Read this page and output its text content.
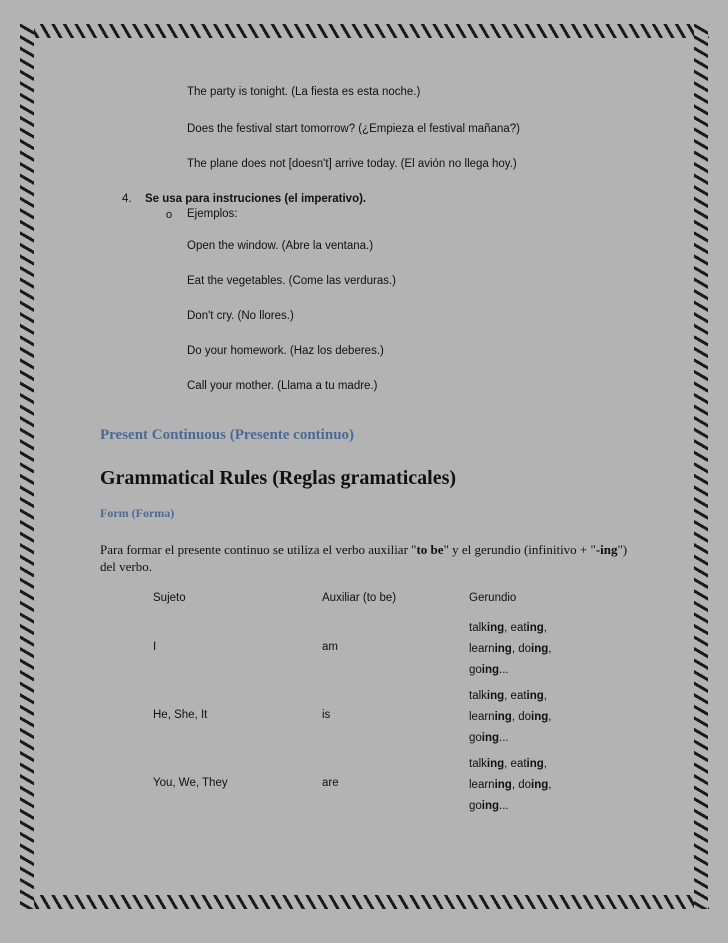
The party is tonight. (La fiesta es esta noche.)
Does the festival start tomorrow? (¿Empieza el festival mañana?)
The plane does not [doesn't] arrive today. (El avión no llega hoy.)
4. Se usa para instruciones (el imperativo).
o Ejemplos:
Open the window. (Abre la ventana.)
Eat the vegetables. (Come las verduras.)
Don't cry. (No llores.)
Do your homework. (Haz los deberes.)
Call your mother. (Llama a tu madre.)
Present Continuous (Presente continuo)
Grammatical Rules (Reglas gramaticales)
Form (Forma)
Para formar el presente continuo se utiliza el verbo auxiliar "to be" y el gerundio (infinitivo + "-ing") del verbo.
Sujeto	Auxiliar (to be)	Gerundio
I	am
talking, eating,
learning, doing,
going...
He, She, It	is
talking, eating,
learning, doing,
going...
You, We, They	are
talking, eating,
learning, doing,
going...
